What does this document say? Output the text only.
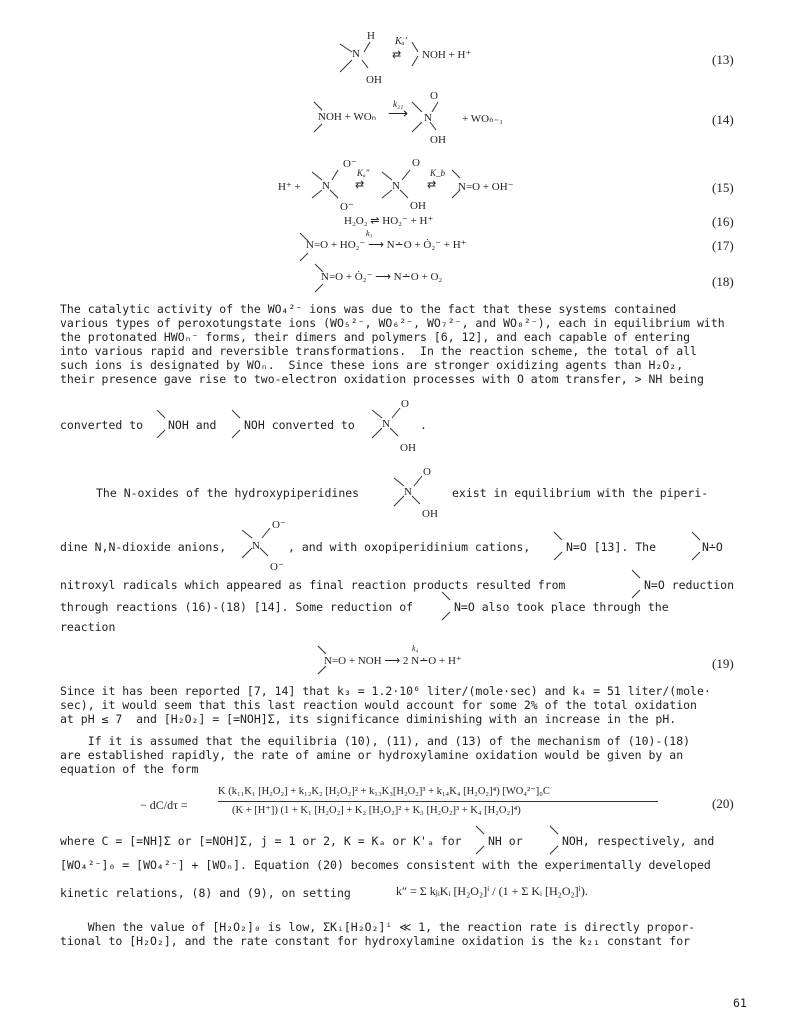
H
N
OH
Kₐ'
⇄ NOH + H⁺	(13)
NOH + WOₙ
k₂₁
⟶
O
N
OH
+ WOₙ₋₁	(14)
H⁺ +
O⁻
N
O⁻
Kₐ″
⇄
O
N
OH
K_b
⇄ N=O + OH⁻	(15)
H₂O₂ ⇌ HO₂⁻ + H⁺	(16)
k₃
N=O + HO₂⁻ ⟶ N∸O + Ȯ₂⁻ + H⁺	(17)
N=O + Ȯ₂⁻ ⟶ N∸O + O₂	(18)
The catalytic activity of the WO₄²⁻ ions was due to the fact that these systems contained
various types of peroxotungstate ions (WO₅²⁻, WO₆²⁻, WO₇²⁻, and WO₈²⁻), each in equilibrium with
the protonated HWOₙ⁻ forms, their dimers and polymers [6, 12], and each capable of entering
into various rapid and reversible transformations.  In the reaction scheme, the total of all
such ions is designated by WOₙ.  Since these ions are stronger oxidizing agents than H₂O₂,
their presence gave rise to two-electron oxidation processes with O atom transfer, > NH being
converted to NOH and NOH converted to
O
N	.
OH
The N-oxides of the hydroxypiperidines
O
N
OH
exist in equilibrium with the piperi-
dine N,N-dioxide anions,
O⁻
N
O⁻
, and with oxopiperidinium cations,	N=O [13]. The	N∸O
nitroxyl radicals which appeared as final reaction products resulted from	N=O reduction
through reactions (16)-(18) [14]. Some reduction of	N=O also took place through the
reaction
k₄
N=O + NOH ⟶ 2 N∸O + H⁺	(19)
Since it has been reported [7, 14] that k₃ = 1.2·10⁶ liter/(mole·sec) and k₄ = 51 liter/(mole·
sec), it would seem that this last reaction would account for some 2% of the total oxidation
at pH ≤ 7  and [H₂O₂] = [=NOH]Σ, its significance diminishing with an increase in the pH.
If it is assumed that the equilibria (10), (11), and (13) of the mechanism of (10)-(18)
are established rapidly, the rate of amine or hydroxylamine oxidation would be given by an
equation of the form
− dC/dτ =
K (k₁₁K₁ [H₂O₂] + k₁₂K₂ [H₂O₂]² + k₁₃K₃[H₂O₂]³ + k₁₄K₄ [H₂O₂]⁴) [WO₄²⁻]₀C
(K + [H⁺]) (1 + K₁ [H₂O₂] + K₂ [H₂O₂]² + K₃ [H₂O₂]³ + K₄ [H₂O₂]⁴)	(20)
where C = [=NH]Σ or [=NOH]Σ, j = 1 or 2, K = Kₐ or K'ₐ for NH or	NOH, respectively, and
[WO₄²⁻]₀ = [WO₄²⁻] + [WOₙ]. Equation (20) becomes consistent with the experimentally developed
kinetic relations, (8) and (9), on setting	k″ = Σ kⱼᵢKᵢ [H₂O₂]ⁱ / (1 + Σ Kᵢ [H₂O₂]ⁱ).
When the value of [H₂O₂]₀ is low, ΣKᵢ[H₂O₂]ⁱ ≪ 1, the reaction rate is directly propor-
tional to [H₂O₂], and the rate constant for hydroxylamine oxidation is the k₂₁ constant for
61
